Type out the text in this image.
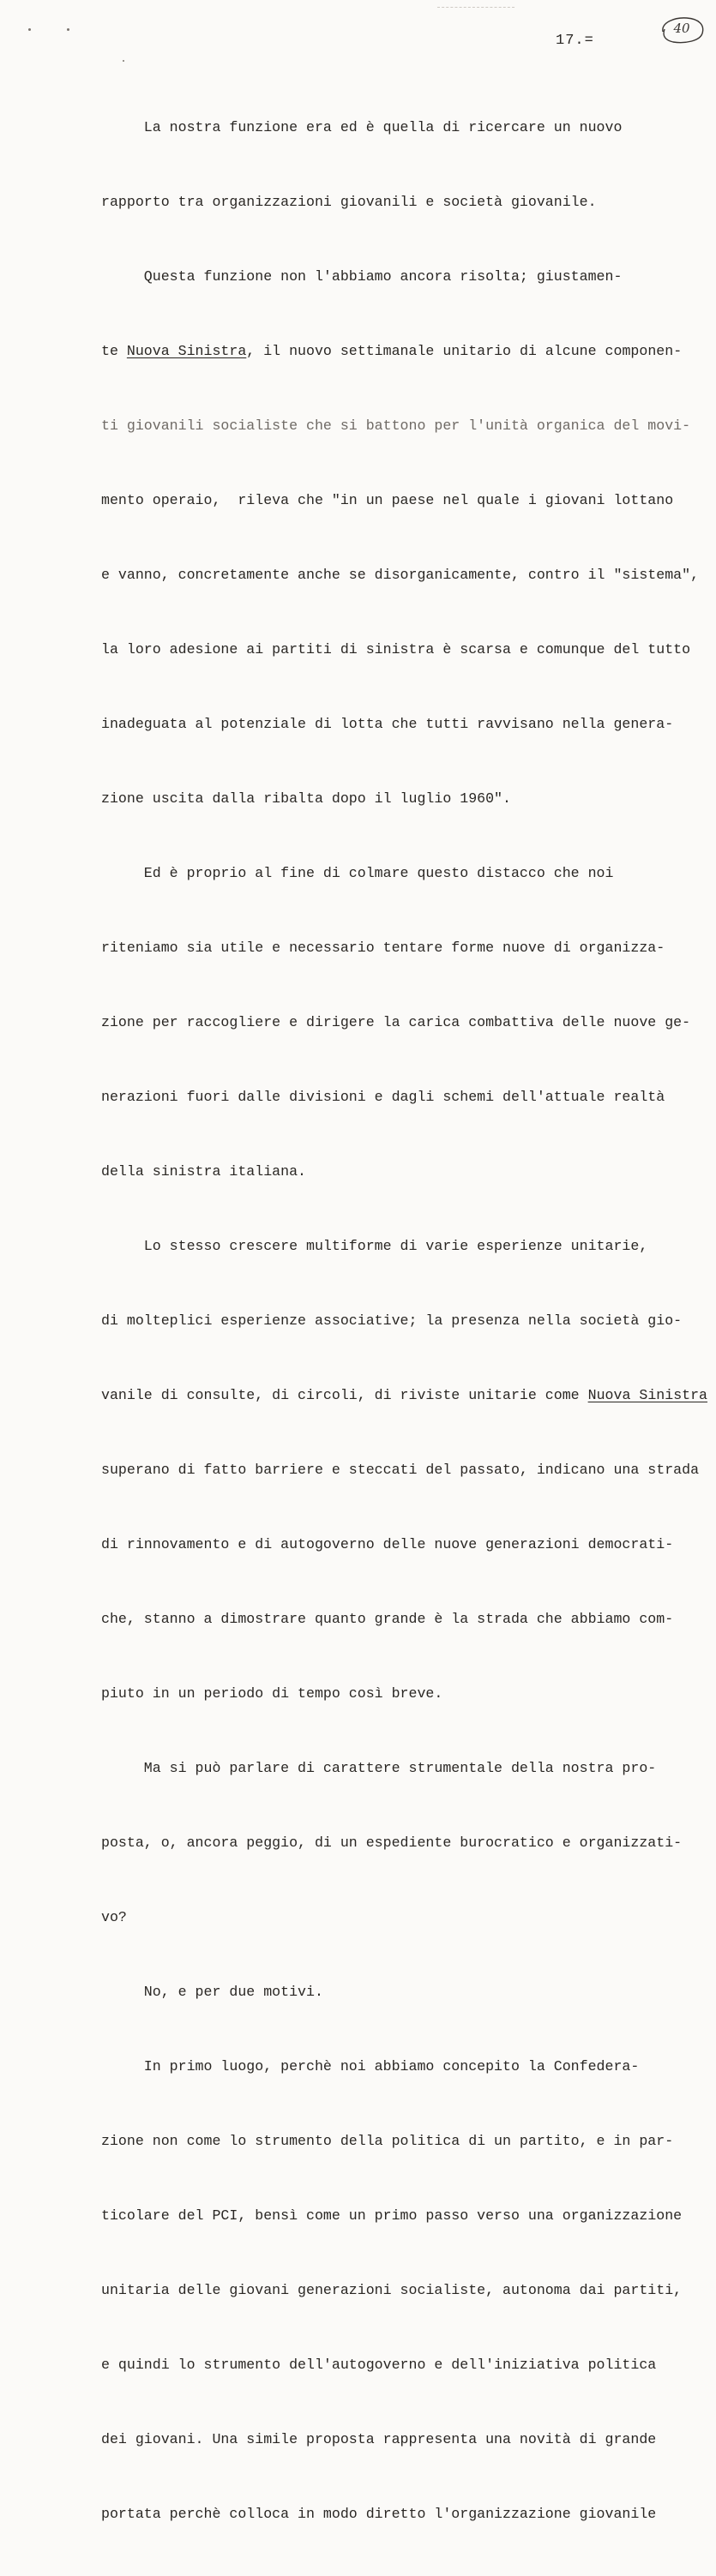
17.=
40

La nostra funzione era ed è quella di ricercare un nuovo

rapporto tra organizzazioni giovanili e società giovanile.

Questa funzione non l'abbiamo ancora risolta; giustamen-

te Nuova Sinistra, il nuovo settimanale unitario di alcune componen-

ti giovanili socialiste che si battono per l'unità organica del movi-

mento operaio,  rileva che "in un paese nel quale i giovani lottano

e vanno, concretamente anche se disorganicamente, contro il "sistema",

la loro adesione ai partiti di sinistra è scarsa e comunque del tutto

inadeguata al potenziale di lotta che tutti ravvisano nella genera-

zione uscita dalla ribalta dopo il luglio 1960".

Ed è proprio al fine di colmare questo distacco che noi

riteniamo sia utile e necessario tentare forme nuove di organizza-

zione per raccogliere e dirigere la carica combattiva delle nuove ge-

nerazioni fuori dalle divisioni e dagli schemi dell'attuale realtà

della sinistra italiana.

Lo stesso crescere multiforme di varie esperienze unitarie,

di molteplici esperienze associative; la presenza nella società gio-

vanile di consulte, di circoli, di riviste unitarie come Nuova Sinistra

superano di fatto barriere e steccati del passato, indicano una strada

di rinnovamento e di autogoverno delle nuove generazioni democrati-

che, stanno a dimostrare quanto grande è la strada che abbiamo com-

piuto in un periodo di tempo così breve.

Ma si può parlare di carattere strumentale della nostra pro-

posta, o, ancora peggio, di un espediente burocratico e organizzati-

vo?

No, e per due motivi.

In primo luogo, perchè noi abbiamo concepito la Confedera-

zione non come lo strumento della politica di un partito, e in par-

ticolare del PCI, bensì come un primo passo verso una organizzazione

unitaria delle giovani generazioni socialiste, autonoma dai partiti,

e quindi lo strumento dell'autogoverno e dell'iniziativa politica

dei giovani. Una simile proposta rappresenta una novità di grande

portata perchè colloca in modo diretto l'organizzazione giovanile
